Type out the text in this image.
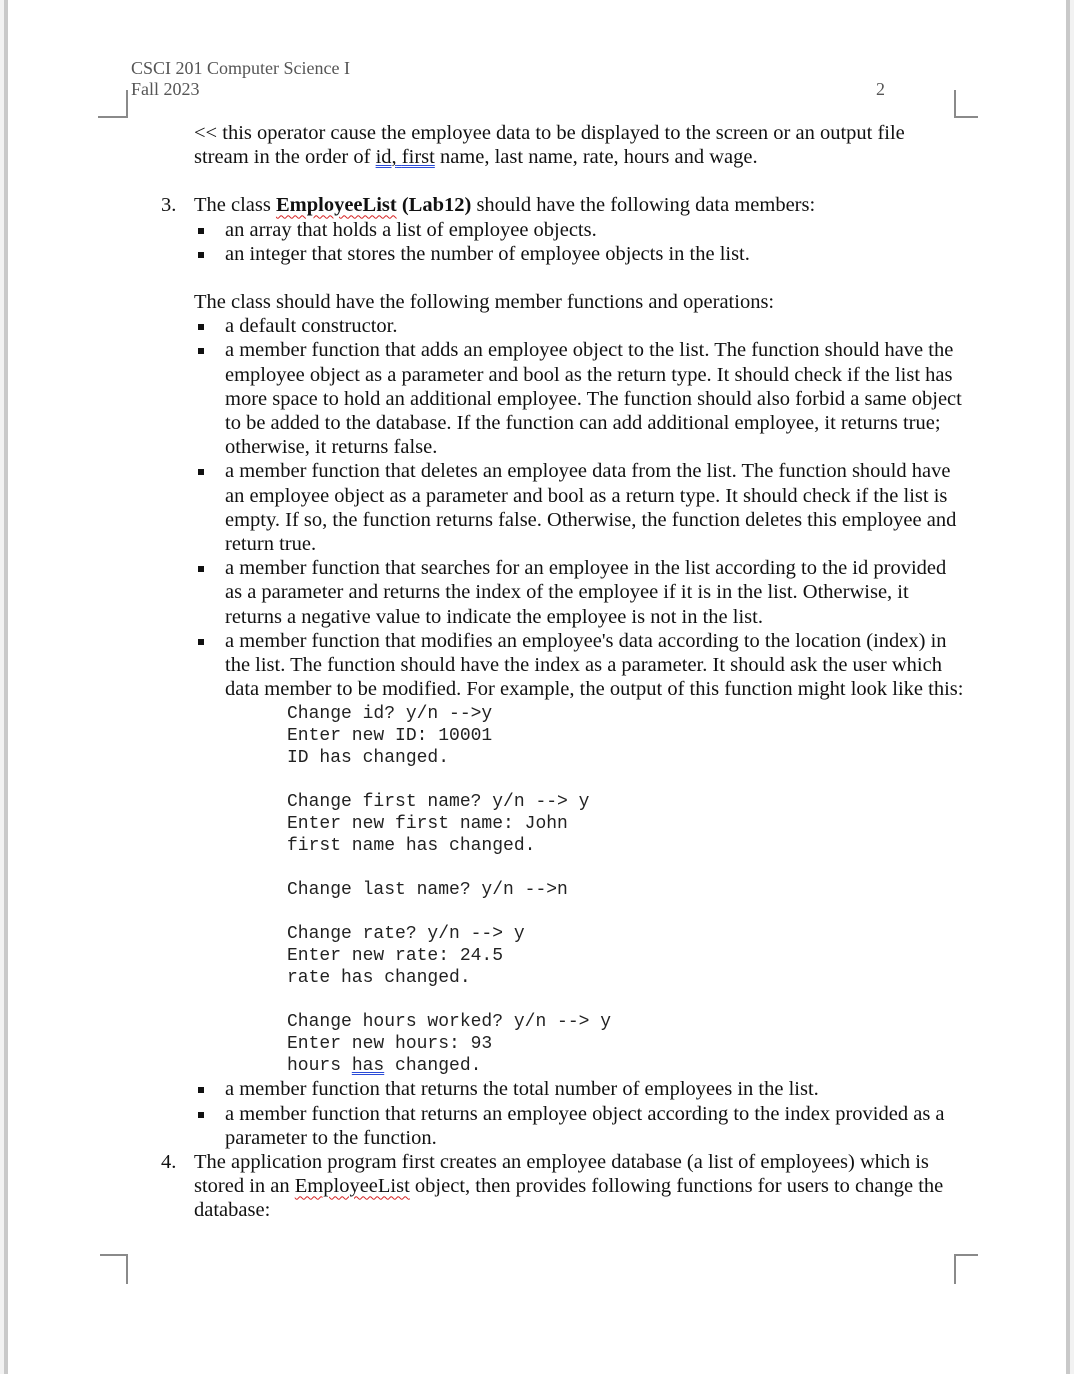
CSCI 201 Computer Science I
Fall 2023	2

<< this operator cause the employee data to be displayed to the screen or an output file stream in the order of id, first name, last name, rate, hours and wage.

3. The class EmployeeList (Lab12) should have the following data members:

an array that holds a list of employee objects.
an integer that stores the number of employee objects in the list.

The class should have the following member functions and operations:

a default constructor.
a member function that adds an employee object to the list. The function should have the employee object as a parameter and bool as the return type. It should check if the list has more space to hold an additional employee. The function should also forbid a same object to be added to the database. If the function can add additional employee, it returns true; otherwise, it returns false.
a member function that deletes an employee data from the list. The function should have an employee object as a parameter and bool as a return type. It should check if the list is empty. If so, the function returns false. Otherwise, the function deletes this employee and return true.
a member function that searches for an employee in the list according to the id provided as a parameter and returns the index of the employee if it is in the list. Otherwise, it returns a negative value to indicate the employee is not in the list.
a member function that modifies an employee's data according to the location (index) in the list. The function should have the index as a parameter. It should ask the user which data member to be modified. For example, the output of this function might look like this:
Change id? y/n -->y
Enter new ID: 10001
ID has changed.
Change first name? y/n --> y
Enter new first name: John
first name has changed.
Change last name? y/n -->n
Change rate? y/n --> y
Enter new rate: 24.5
rate has changed.
Change hours worked? y/n --> y
Enter new hours: 93
hours has changed.
a member function that returns the total number of employees in the list.
a member function that returns an employee object according to the index provided as a parameter to the function.
4. The application program first creates an employee database (a list of employees) which is stored in an EmployeeList object, then provides following functions for users to change the database:
